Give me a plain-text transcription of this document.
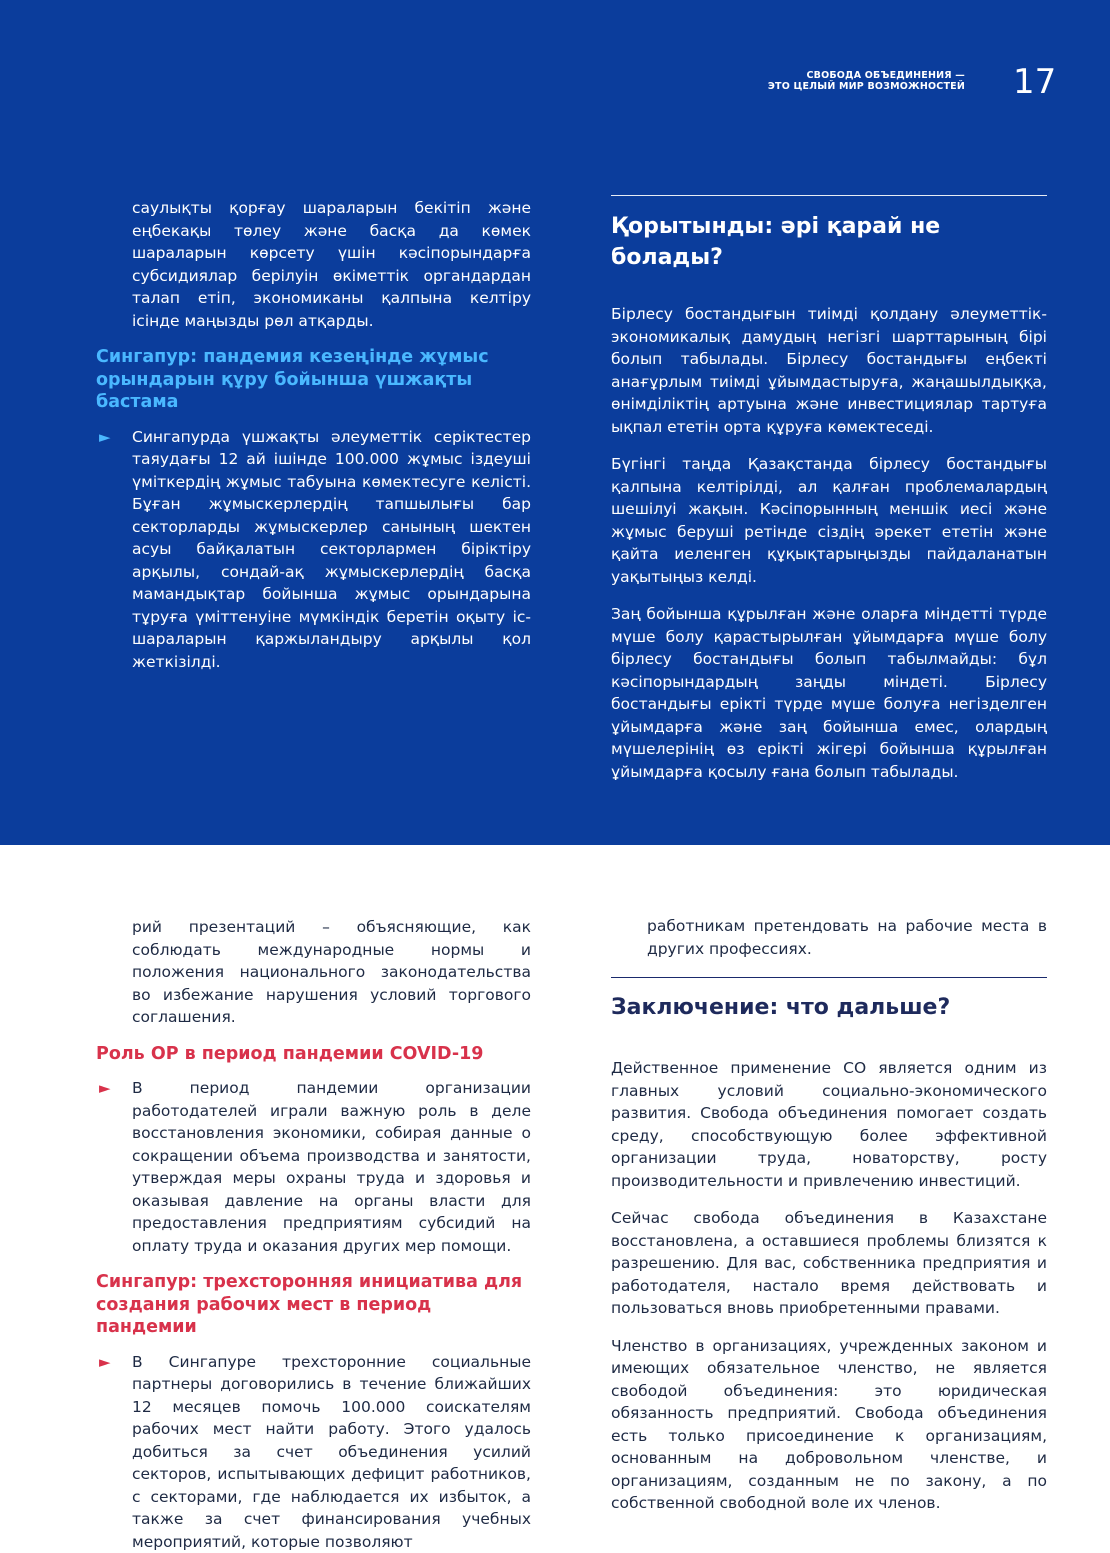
СВОБОДА ОБЪЕДИНЕНИЯ —
ЭТО ЦЕЛЫЙ МИР ВОЗМОЖНОСТЕЙ 17

саулықты қорғау шараларын бекітіп және еңбекақы төлеу және басқа да көмек шараларын көрсету үшін кәсіпорындарға субсидиялар берілуін өкіметтік органдардан талап етіп, экономиканы қалпына келтіру ісінде маңызды рөл атқарды.

Сингапур: пандемия кезеңінде жұмыс орындарын құру бойынша үшжақты бастама
► Сингапурда үшжақты әлеуметтік серіктестер таяудағы 12 ай ішінде 100.000 жұмыс іздеуші үміткердің жұмыс табуына көмектесуге келісті. Бұған жұмыскерлердің тапшылығы бар секторларды жұмыскерлер санының шектен асуы байқалатын секторлармен біріктіру арқылы, сондай-ақ жұмыскерлердің басқа мамандықтар бойынша жұмыс орындарына тұруға үміттенуіне мүмкіндік беретін оқыту іс-шараларын қаржыландыру арқылы қол жеткізілді.
Қорытынды: әрі қарай не болады?

Бірлесу бостандығын тиімді қолдану әлеуметтік-экономикалық дамудың негізгі шарттарының бірі болып табылады. Бірлесу бостандығы еңбекті анағұрлым тиімді ұйымдастыруға, жаңашылдыққа, өнімділіктің артуына және инвестициялар тартуға ықпал ететін орта құруға көмектеседі.

Бүгінгі таңда Қазақстанда бірлесу бостандығы қалпына келтірілді, ал қалған проблемалардың шешілуі жақын. Кәсіпорынның меншік иесі және жұмыс беруші ретінде сіздің әрекет ететін және қайта иеленген құқықтарыңызды пайдаланатын уақытыңыз келді.

Заң бойынша құрылған және оларға міндетті түрде мүше болу қарастырылған ұйымдарға мүше болу бірлесу бостандығы болып табылмайды: бұл кәсіпорындардың заңды міндеті. Бірлесу бостандығы ерікті түрде мүше болуға негізделген ұйымдарға және заң бойынша емес, олардың мүшелерінің өз ерікті жігері бойынша құрылған ұйымдарға қосылу ғана болып табылады.

рий презентаций – объясняющие, как соблюдать международные нормы и положения национального законодательства во избежание нарушения условий торгового соглашения.

Роль ОР в период пандемии COVID-19
► В период пандемии организации работодателей играли важную роль в деле восстановления экономики, собирая данные о сокращении объема производства и занятости, утверждая меры охраны труда и здоровья и оказывая давление на органы власти для предоставления предприятиям субсидий на оплату труда и оказания других мер помощи.
Сингапур: трехсторонняя инициатива для создания рабочих мест в период пандемии
► В Сингапуре трехсторонние социальные партнеры договорились в течение ближайших 12 месяцев помочь 100.000 соискателям рабочих мест найти работу. Этого удалось добиться за счет объединения усилий секторов, испытывающих дефицит работников, с секторами, где наблюдается их избыток, а также за счет финансирования учебных мероприятий, которые позволяют

работникам претендовать на рабочие места в других профессиях.

Заключение: что дальше?

Действенное применение СО является одним из главных условий социально-экономического развития. Свобода объединения помогает создать среду, способствующую более эффективной организации труда, новаторству, росту производительности и привлечению инвестиций.

Сейчас свобода объединения в Казахстане восстановлена, а оставшиеся проблемы близятся к разрешению. Для вас, собственника предприятия и работодателя, настало время действовать и пользоваться вновь приобретенными правами.

Членство в организациях, учрежденных законом и имеющих обязательное членство, не является свободой объединения: это юридическая обязанность предприятий. Свобода объединения есть только присоединение к организациям, основанным на добровольном членстве, и организациям, созданным не по закону, а по собственной свободной воле их членов.
